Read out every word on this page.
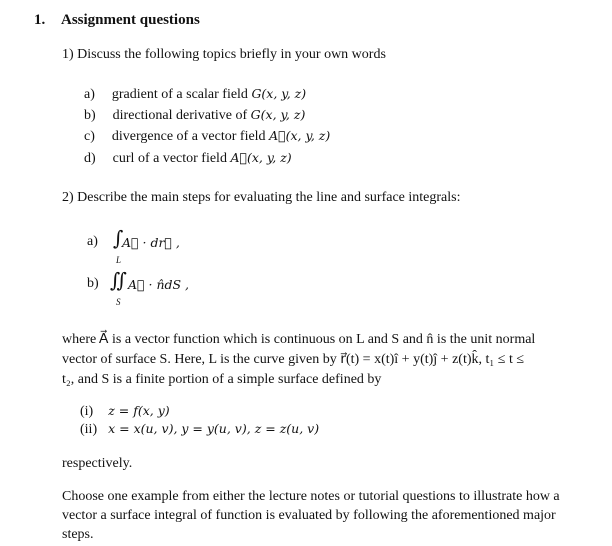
1. Assignment questions
1) Discuss the following topics briefly in your own words
a) gradient of a scalar field G(x, y, z)
b) directional derivative of G(x, y, z)
c) divergence of a vector field A⃗(x, y, z)
d) curl of a vector field A⃗(x, y, z)
2) Describe the main steps for evaluating the line and surface integrals:
a) ∫
A⃗ · dr⃗ ,
L
b) ∬ A⃗ · n̂dS ,
S
where A⃗ is a vector function which is continuous on L and S and n̂ is the unit normal
vector of surface S. Here, L is the curve given by r⃗(t) = x(t)î + y(t)ĵ + z(t)k̂, t₁ ≤ t ≤
t₂, and S is a finite portion of a simple surface defined by
(i) z = f(x, y)
(ii) x = x(u, v), y = y(u, v), z = z(u, v)
respectively.
Choose one example from either the lecture notes or tutorial questions to illustrate how a
vector a surface integral of function is evaluated by following the aforementioned major
steps.
